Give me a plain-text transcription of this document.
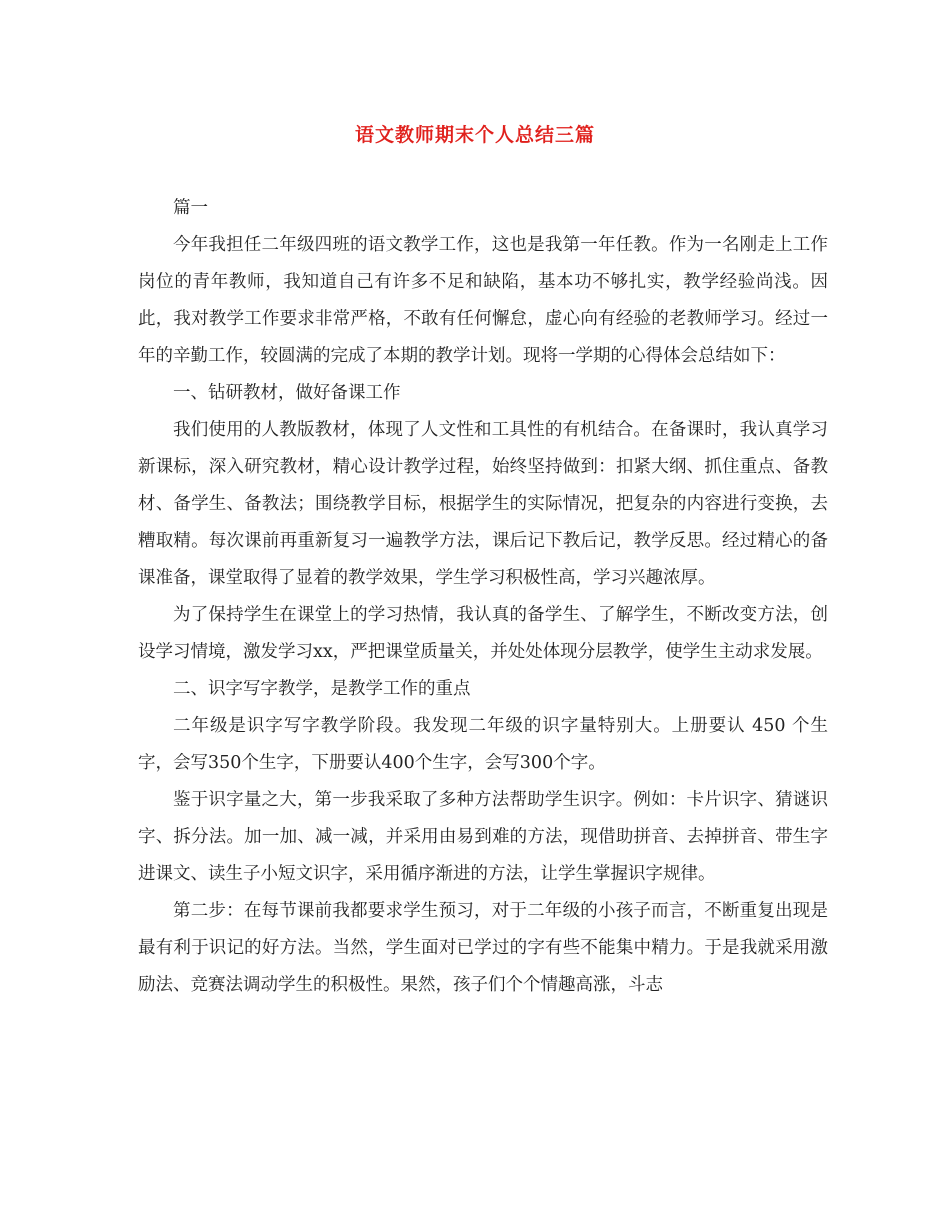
语文教师期末个人总结三篇

篇一

今年我担任二年级四班的语文教学工作，这也是我第一年任教。作为一名刚走上工作岗位的青年教师，我知道自己有许多不足和缺陷，基本功不够扎实，教学经验尚浅。因此，我对教学工作要求非常严格，不敢有任何懈怠，虚心向有经验的老教师学习。经过一年的辛勤工作，较圆满的完成了本期的教学计划。现将一学期的心得体会总结如下：

一、钻研教材，做好备课工作

我们使用的人教版教材，体现了人文性和工具性的有机结合。在备课时，我认真学习新课标，深入研究教材，精心设计教学过程，始终坚持做到：扣紧大纲、抓住重点、备教材、备学生、备教法；围绕教学目标，根据学生的实际情况，把复杂的内容进行变换，去糟取精。每次课前再重新复习一遍教学方法，课后记下教后记，教学反思。经过精心的备课准备，课堂取得了显着的教学效果，学生学习积极性高，学习兴趣浓厚。

为了保持学生在课堂上的学习热情，我认真的备学生、了解学生，不断改变方法，创设学习情境，激发学习xx，严把课堂质量关，并处处体现分层教学，使学生主动求发展。

二、识字写字教学，是教学工作的重点

二年级是识字写字教学阶段。我发现二年级的识字量特别大。上册要认 450 个生字，会写350个生字，下册要认400个生字，会写300个字。

鉴于识字量之大，第一步我采取了多种方法帮助学生识字。例如：卡片识字、猜谜识字、拆分法。加一加、减一减，并采用由易到难的方法，现借助拼音、去掉拼音、带生字进课文、读生子小短文识字，采用循序渐进的方法，让学生掌握识字规律。

第二步：在每节课前我都要求学生预习，对于二年级的小孩子而言，不断重复出现是最有利于识记的好方法。当然，学生面对已学过的字有些不能集中精力。于是我就采用激励法、竞赛法调动学生的积极性。果然，孩子们个个情趣高涨，斗志
